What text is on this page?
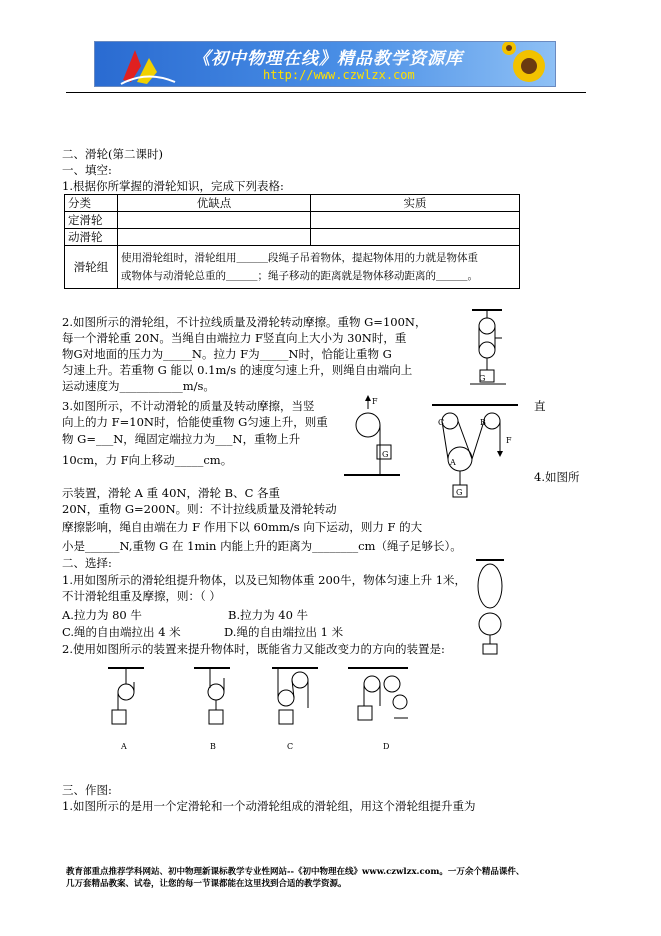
《初中物理在线》精品教学资源库
http://www.czwlzx.com
二、滑轮(第二课时)
一、填空:
1.根据你所掌握的滑轮知识，完成下列表格:
分类	优缺点	实质
定滑轮		
动滑轮		
滑轮组	使用滑轮组时，滑轮组用＿＿＿段绳子吊着物体，提起物体用的力就是物体重
或物体与动滑轮总重的＿＿＿；绳子移动的距离就是物体移动距离的＿＿＿。	
2.如图所示的滑轮组，不计拉线质量及滑轮转动摩擦。重物 G=100N，
每一个滑轮重 20N。当绳自由端拉力 F竖直向上大小为 30N时，重
物G对地面的压力为_____N。拉力 F为_____N时，恰能让重物 G
匀速上升。若重物 G 能以 0.1m/s 的速度匀速上升，则绳自由端向上
运动速度为___________m/s。
G
3.如图所示，不计动滑轮的质量及转动摩擦，当竖
向上的力 F=10N时，恰能使重物 G匀速上升，则重
物 G=___N，绳固定端拉力为___N，重物上升
10cm，力 F向上移动_____cm。
直
F
G
C	B
A
F
G
4.如图所
示装置，滑轮 A 重 40N，滑轮 B、C 各重
20N，重物 G=200N。则：不计拉线质量及滑轮转动
摩擦影响，绳自由端在力 F 作用下以 60mm/s 向下运动，则力 F 的大
小是______N,重物 G 在 1min 内能上升的距离为________cm（绳子足够长）。
二、选择:
1.用如图所示的滑轮组提升物体，以及已知物体重 200牛，物体匀速上升 1米，
不计滑轮组重及摩擦，则：（ ）
A.拉力为 80 牛	B.拉力为 40 牛
C.绳的自由端拉出 4 米	D.绳的自由端拉出 1 米
2.使用如图所示的装置来提升物体时，既能省力又能改变力的方向的装置是:
A	B	C	D
三、作图:
1.如图所示的是用一个定滑轮和一个动滑轮组成的滑轮组，用这个滑轮组提升重为
教育部重点推荐学科网站、初中物理新课标教学专业性网站--《初中物理在线》www.czwlzx.com。一万余个精品课件、
几万套精品教案、试卷，让您的每一节课都能在这里找到合适的教学资源。
